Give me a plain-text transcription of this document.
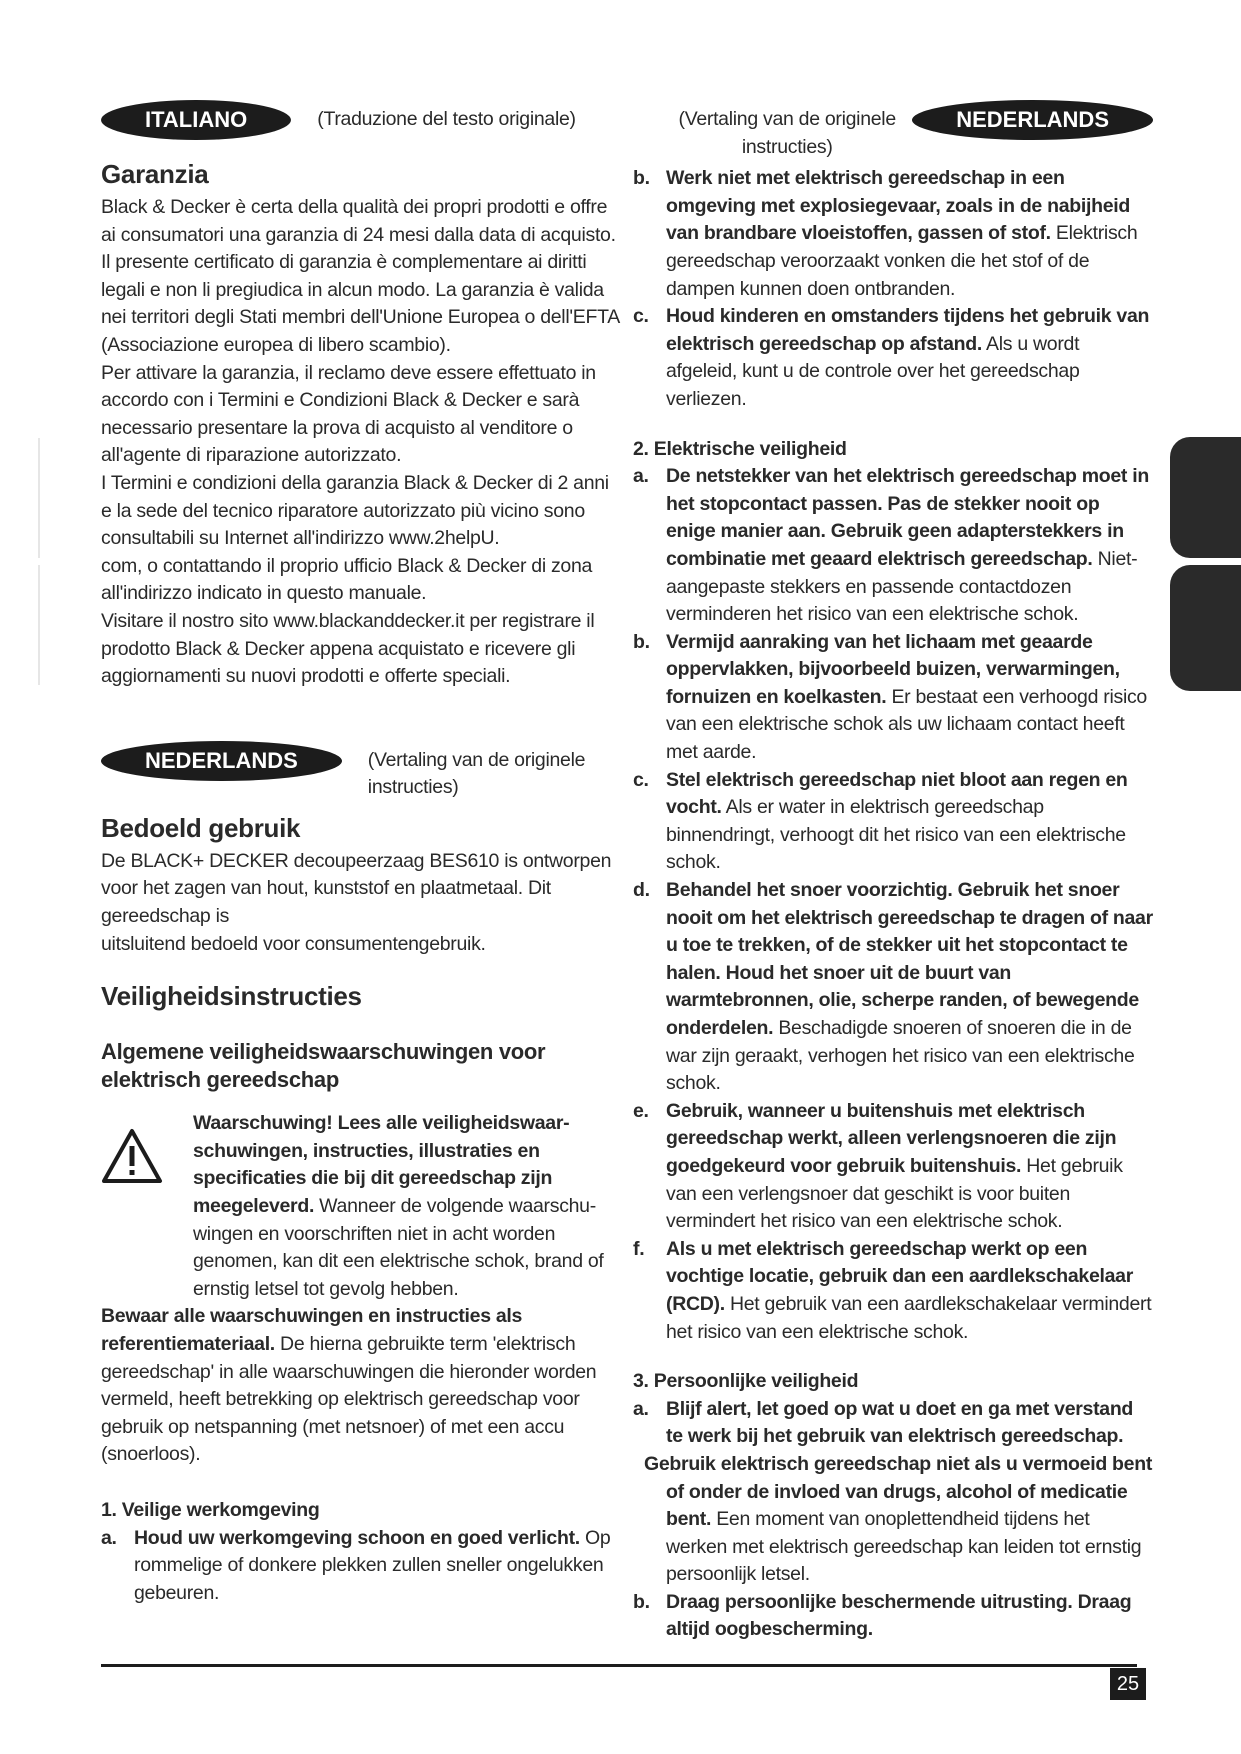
ITALIANO	(Traduzione del testo originale)
Garanzia

Black & Decker è certa della qualità dei propri prodotti e offre ai consumatori una garanzia di 24 mesi dalla data di acquisto. Il presente certificato di garanzia è complementare ai diritti legali e non li pregiudica in alcun modo. La garanzia è valida nei territori degli Stati membri dell'Unione Europea o dell'EFTA (Associazione europea di libero scambio).

Per attivare la garanzia, il reclamo deve essere effettuato in accordo con i Termini e Condizioni Black & Decker e sarà necessario presentare la prova di acquisto al venditore o all'agente di riparazione autorizzato.

I Termini e condizioni della garanzia Black & Decker di 2 anni e la sede del tecnico riparatore autorizzato più vicino sono consultabili su Internet all'indirizzo www.2helpU.

com, o contattando il proprio ufficio Black & Decker di zona all'indirizzo indicato in questo manuale.

Visitare il nostro sito www.blackanddecker.it per registrare il prodotto Black & Decker appena acquistato e ricevere gli aggiornamenti su nuovi prodotti e offerte speciali.

NEDERLANDS	(Vertaling van de originele instructies)
Bedoeld gebruik

De BLACK+ DECKER decoupeerzaag BES610 is ontworpen voor het zagen van hout, kunststof en plaatmetaal. Dit gereedschap is

uitsluitend bedoeld voor consumentengebruik.

Veiligheidsinstructies
Algemene veiligheidswaarschuwingen voor elektrisch gereedschap

Waarschuwing! Lees alle veiligheidswaar-schuwingen, instructies, illustraties en specificaties die bij dit gereedschap zijn meegeleverd. Wanneer de volgende waarschu-wingen en voorschriften niet in acht worden genomen, kan dit een elektrische schok, brand of ernstig letsel tot gevolg hebben.

Bewaar alle waarschuwingen en instructies als referentiemateriaal. De hierna gebruikte term 'elektrisch gereedschap' in alle waarschuwingen die hieronder worden vermeld, heeft betrekking op elektrisch gereedschap voor gebruik op netspanning (met netsnoer) of met een accu (snoerloos).

1. Veilige werkomgeving

a. Houd uw werkomgeving schoon en goed verlicht. Op rommelige of donkere plekken zullen sneller ongelukken gebeuren.

(Vertaling van de originele instructies)
NEDERLANDS

b. Werk niet met elektrisch gereedschap in een omgeving met explosiegevaar, zoals in de nabijheid van brandbare vloeistoffen, gassen of stof. Elektrisch gereedschap veroorzaakt vonken die het stof of de dampen kunnen doen ontbranden.

c. Houd kinderen en omstanders tijdens het gebruik van elektrisch gereedschap op afstand. Als u wordt afgeleid, kunt u de controle over het gereedschap verliezen.

2. Elektrische veiligheid

a. De netstekker van het elektrisch gereedschap moet in het stopcontact passen. Pas de stekker nooit op enige manier aan. Gebruik geen adapterstekkers in combinatie met geaard elektrisch gereedschap. Niet-aangepaste stekkers en passende contactdozen verminderen het risico van een elektrische schok.

b. Vermijd aanraking van het lichaam met geaarde oppervlakken, bijvoorbeeld buizen, verwarmingen, fornuizen en koelkasten. Er bestaat een verhoogd risico van een elektrische schok als uw lichaam contact heeft met aarde.

c. Stel elektrisch gereedschap niet bloot aan regen en vocht. Als er water in elektrisch gereedschap binnendringt, verhoogt dit het risico van een elektrische schok.

d. Behandel het snoer voorzichtig. Gebruik het snoer nooit om het elektrisch gereedschap te dragen of naar u toe te trekken, of de stekker uit het stopcontact te halen. Houd het snoer uit de buurt van warmtebronnen, olie, scherpe randen, of bewegende onderdelen. Beschadigde snoeren of snoeren die in de war zijn geraakt, verhogen het risico van een elektrische schok.

e. Gebruik, wanneer u buitenshuis met elektrisch gereedschap werkt, alleen verlengsnoeren die zijn goedgekeurd voor gebruik buitenshuis. Het gebruik van een verlengsnoer dat geschikt is voor buiten vermindert het risico van een elektrische schok.

f. Als u met elektrisch gereedschap werkt op een vochtige locatie, gebruik dan een aardlekschakelaar (RCD). Het gebruik van een aardlekschakelaar vermindert het risico van een elektrische schok.

3. Persoonlijke veiligheid

a. Blijf alert, let goed op wat u doet en ga met verstand te werk bij het gebruik van elektrisch gereedschap.

Gebruik elektrisch gereedschap niet als u vermoeid bent of onder de invloed van drugs, alcohol of medicatie bent. Een moment van onoplettendheid tijdens het werken met elektrisch gereedschap kan leiden tot ernstig persoonlijk letsel.

b. Draag persoonlijke beschermende uitrusting. Draag altijd oogbescherming.

25
